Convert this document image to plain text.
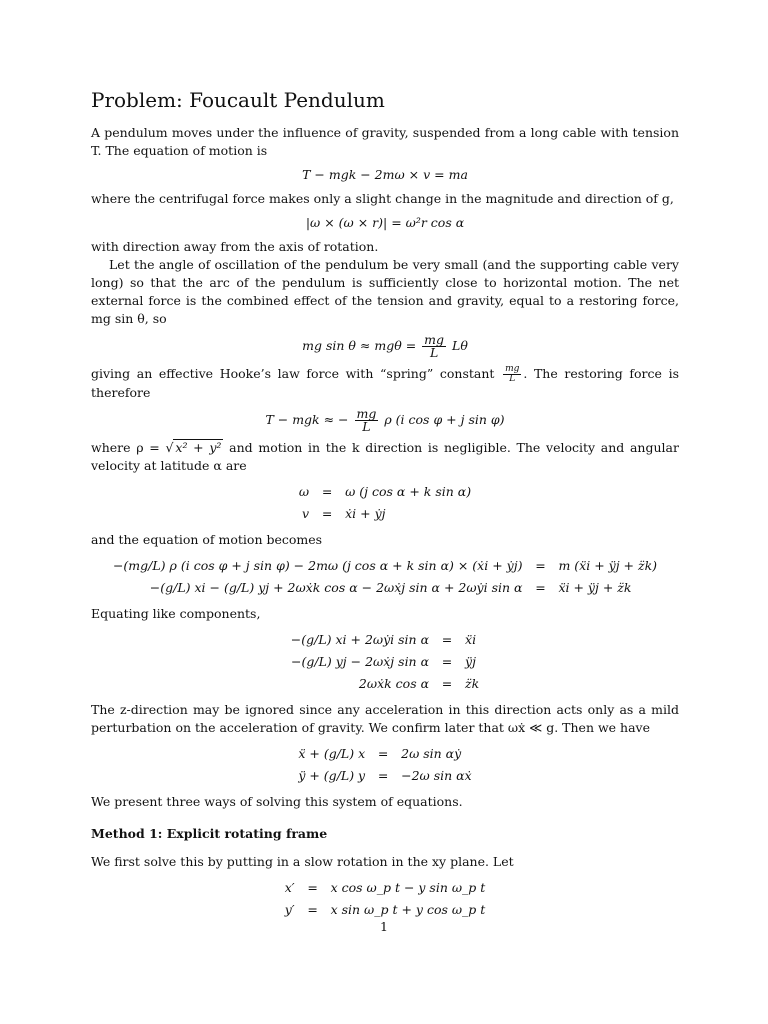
Problem: Foucault Pendulum

A pendulum moves under the influence of gravity, suspended from a long cable with tension T. The equation of motion is

T − mgk − 2mω × v = ma

where the centrifugal force makes only a slight change in the magnitude and direction of g,

|ω × (ω × r)| = ω²r cos α

with direction away from the axis of rotation.

Let the angle of oscillation of the pendulum be very small (and the supporting cable very long) so that the arc of the pendulum is sufficiently close to horizontal motion. The net external force is the combined effect of the tension and gravity, equal to a restoring force, mg sin θ, so

mg $\sin \theta \approx mg\theta = \frac{mg}{L}$ Lθ

giving an effective Hooke’s law force with “spring” constant $\frac{mg}{L}$ . The restoring force is therefore

T − mgk ≈ − $\frac{mg}{L}$ ρ (i cos φ + j sin φ)

where ρ = √ x² + y² and motion in the k direction is negligible. The velocity and angular velocity at latitude α are

ω	=	ω (j cos α + k sin α)
v	=	ẋi + ẏj

and the equation of motion becomes

−(mg/L) ρ (i cos φ + j sin φ) − 2mω (j cos α + k sin α) × (ẋi + ẏj)	=	m (ẍi + ÿj + z̈k)
−(g/L) xi − (g/L) yj + 2ωẋk cos α − 2ωẋj sin α + 2ωẏi sin α	=	ẍi + ÿj + z̈k

Equating like components,

−(g/L) xi + 2ωẏi sin α	=	ẍi
−(g/L) yj − 2ωẋj sin α	=	ÿj
2ωẋk cos α	=	z̈k

The z-direction may be ignored since any acceleration in this direction acts only as a mild perturbation on the acceleration of gravity. We confirm later that ωẋ ≪ g. Then we have

ẍ + (g/L) x	=	2ω sin αẏ
ÿ + (g/L) y	=	−2ω sin αẋ

We present three ways of solving this system of equations.

Method 1: Explicit rotating frame

We first solve this by putting in a slow rotation in the xy plane. Let

x′	=	x cos ω_p t − y sin ω_p t
y′	=	x sin ω_p t + y cos ω_p t
1
